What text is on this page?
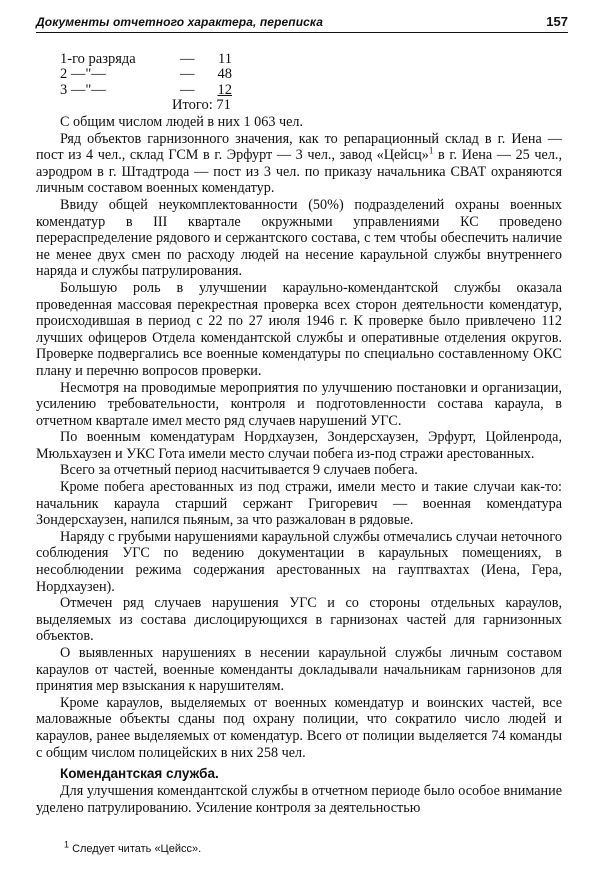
Документы отчетного характера, переписка	157
1-го разряда	—	11
2 —"—	—	48
3 —"—	—	12
Итого: 71

С общим числом людей в них 1 063 чел.

Ряд объектов гарнизонного значения, как то репарационный склад в г. Иена — пост из 4 чел., склад ГСМ в г. Эрфурт — 3 чел., завод «Цейсц»$^1$ в г. Иена — 25 чел., аэродром в г. Штадтрода — пост из 3 чел. по приказу начальника СВАТ охраняются личным составом военных комендатур.

Ввиду общей неукомплектованности (50%) подразделений охраны военных комендатур в III квартале окружными управлениями КС проведено перераспределение рядового и сержантского состава, с тем чтобы обеспечить наличие не менее двух смен по расходу людей на несение караульной службы внутреннего наряда и службы патрулирования.

Большую роль в улучшении караульно-комендантской службы оказала проведенная массовая перекрестная проверка всех сторон деятельности комендатур, происходившая в период с 22 по 27 июля 1946 г. К проверке было привлечено 112 лучших офицеров Отдела комендантской службы и оперативные отделения округов. Проверке подвергались все военные комендатуры по специально составленному ОКС плану и перечню вопросов проверки.

Несмотря на проводимые мероприятия по улучшению постановки и организации, усилению требовательности, контроля и подготовленности состава караула, в отчетном квартале имел место ряд случаев нарушений УГС.

По военным комендатурам Нордхаузен, Зондерсхаузен, Эрфурт, Цойленрода, Мюльхаузен и УКС Гота имели место случаи побега из-под стражи арестованных.

Всего за отчетный период насчитывается 9 случаев побега.

Кроме побега арестованных из под стражи, имели место и такие случаи как-то: начальник караула старший сержант Григоревич — военная комендатура Зондерсхаузен, напился пьяным, за что разжалован в рядовые.

Наряду с грубыми нарушениями караульной службы отмечались случаи неточного соблюдения УГС по ведению документации в караульных помещениях, в несоблюдении режима содержания арестованных на гауптвахтах (Иена, Гера, Нордхаузен).

Отмечен ряд случаев нарушения УГС и со стороны отдельных караулов, выделяемых из состава дислоцирующихся в гарнизонах частей для гарнизонных объектов.

О выявленных нарушениях в несении караульной службы личным составом караулов от частей, военные коменданты докладывали начальникам гарнизонов для принятия мер взыскания к нарушителям.

Кроме караулов, выделяемых от военных комендатур и воинских частей, все маловажные объекты сданы под охрану полиции, что сократило число людей и караулов, ранее выделяемых от комендатур. Всего от полиции выделяется 74 команды с общим числом полицейских в них 258 чел.

Комендантская служба.

Для улучшения комендантской службы в отчетном периоде было особое внимание уделено патрулированию. Усиление контроля за деятельностью

$^1$ Следует читать «Цейсс».
